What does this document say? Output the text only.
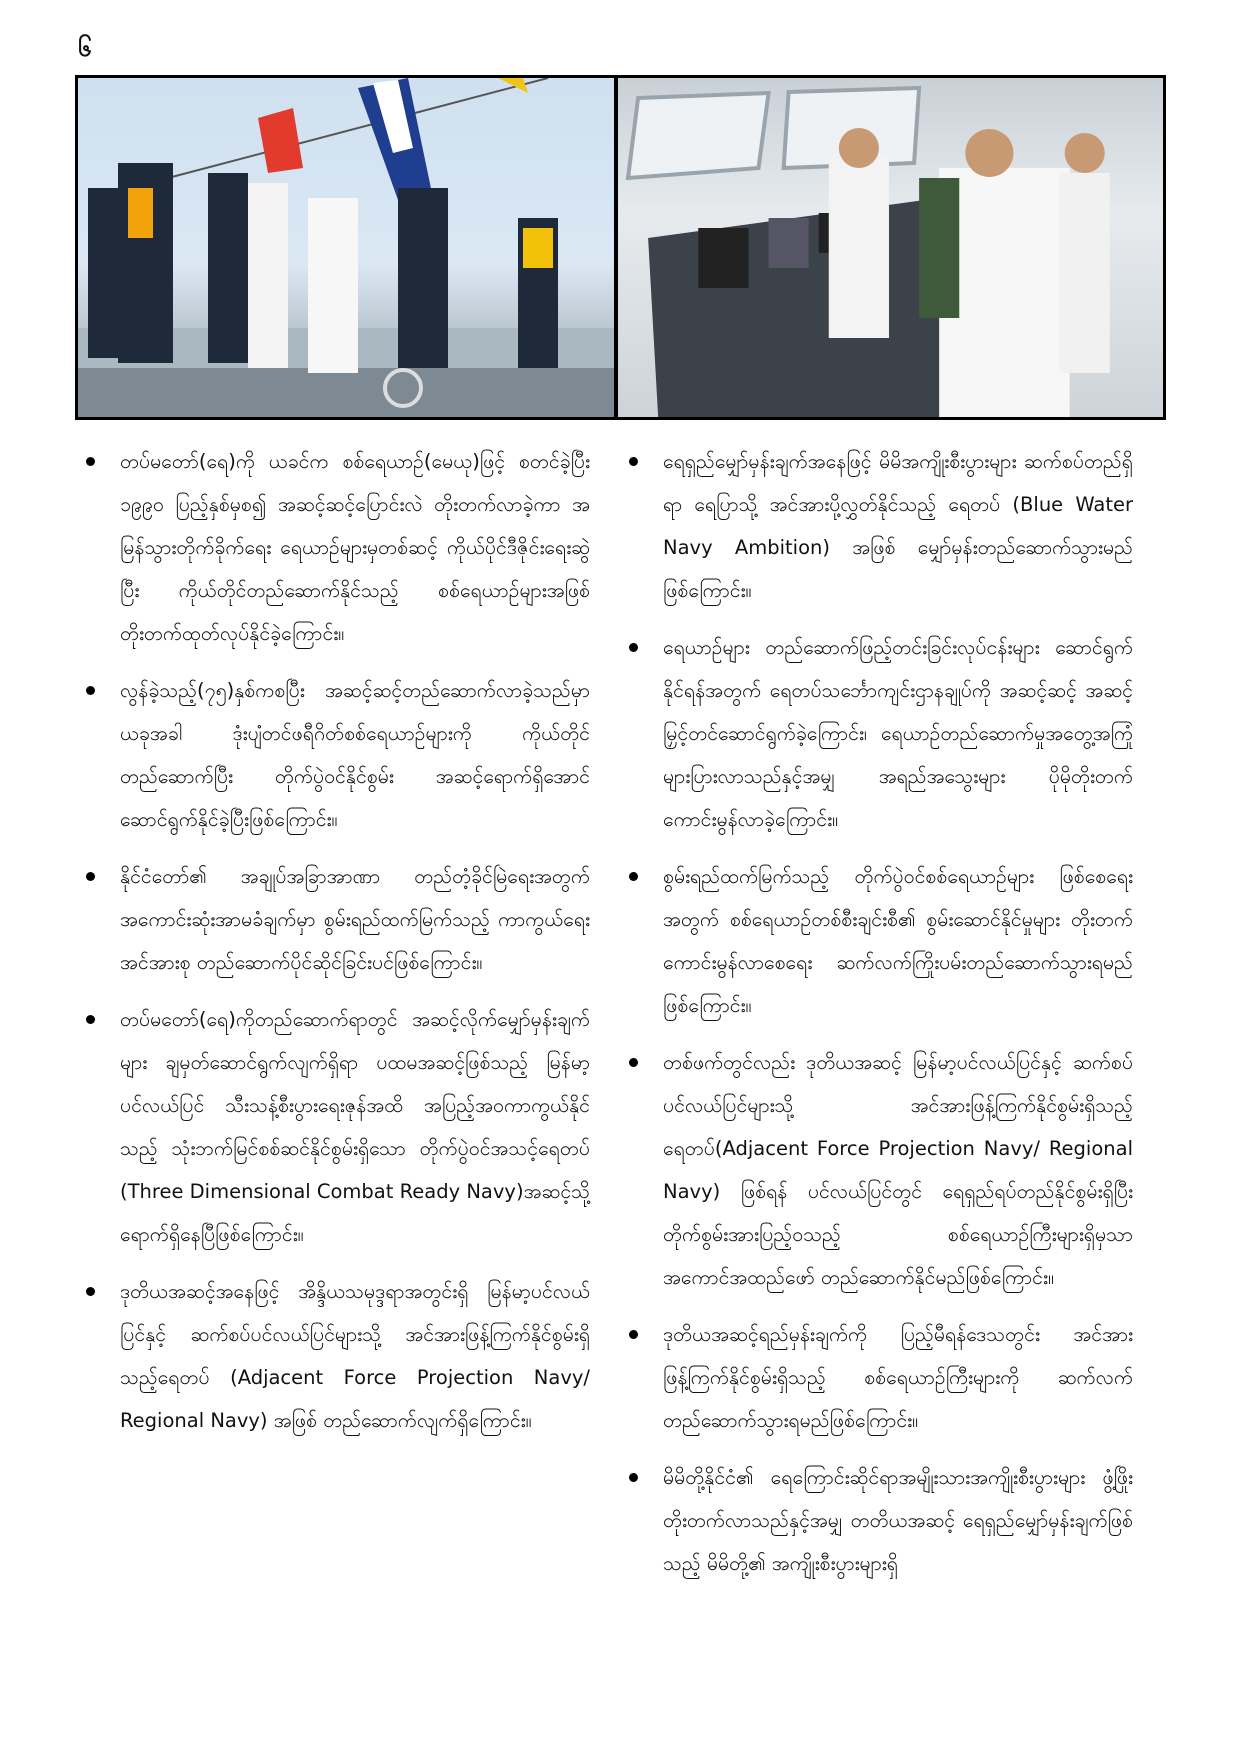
၆

တပ်မတော်(ရေ)ကို ယခင်က စစ်ရေယာဉ်(မေယု)ဖြင့် စတင်ခဲ့ပြီး ၁၉၉၀ ပြည့်နှစ်မှစ၍ အဆင့်ဆင့်ပြောင်းလဲ တိုးတက်လာခဲ့ကာ အမြန်သွားတိုက်ခိုက်ရေး ရေယာဉ်များမှတစ်ဆင့် ကိုယ်ပိုင်ဒီဇိုင်းရေးဆွဲပြီး ကိုယ်တိုင်တည်ဆောက်နိုင်သည့် စစ်ရေယာဉ်များအဖြစ် တိုးတက်ထုတ်လုပ်နိုင်ခဲ့ကြောင်း။

လွန်ခဲ့သည့်(၇၅)နှစ်ကစပြီး အဆင့်ဆင့်တည်ဆောက်လာခဲ့သည်မှာ ယခုအခါ ဒုံးပျံတင်ဖရီဂိတ်စစ်ရေယာဉ်များကို ကိုယ်တိုင်တည်ဆောက်ပြီး တိုက်ပွဲဝင်နိုင်စွမ်း အဆင့်ရောက်ရှိအောင် ဆောင်ရွက်နိုင်ခဲ့ပြီးဖြစ်ကြောင်း။

နိုင်ငံတော်၏ အချုပ်အခြာအာဏာ တည်တံ့ခိုင်မြဲရေးအတွက် အကောင်းဆုံးအာမခံချက်မှာ စွမ်းရည်ထက်မြက်သည့် ကာကွယ်ရေးအင်အားစု တည်ဆောက်ပိုင်ဆိုင်ခြင်းပင်ဖြစ်ကြောင်း။

တပ်မတော်(ရေ)ကိုတည်ဆောက်ရာတွင် အဆင့်လိုက်မျှော်မှန်းချက်များ ချမှတ်ဆောင်ရွက်လျက်ရှိရာ ပထမအဆင့်ဖြစ်သည့် မြန်မာ့ပင်လယ်ပြင် သီးသန့်စီးပွားရေးဇုန်အထိ အပြည့်အဝကာကွယ်နိုင်သည့် သုံးဘက်မြင်စစ်ဆင်နိုင်စွမ်းရှိသော တိုက်ပွဲဝင်အသင့်ရေတပ် (Three Dimensional Combat Ready Navy)အဆင့်သို့ ရောက်ရှိနေပြီဖြစ်ကြောင်း။

ဒုတိယအဆင့်အနေဖြင့် အိန္ဒိယသမုဒ္ဒရာအတွင်းရှိ မြန်မာ့ပင်လယ်ပြင်နှင့် ဆက်စပ်ပင်လယ်ပြင်များသို့ အင်အားဖြန့်ကြက်နိုင်စွမ်းရှိသည့်ရေတပ် (Adjacent Force Projection Navy/ Regional Navy) အဖြစ် တည်ဆောက်လျက်ရှိကြောင်း။

ရေရှည်မျှော်မှန်းချက်အနေဖြင့် မိမိအကျိုးစီးပွားများ ဆက်စပ်တည်ရှိရာ ရေပြာသို့ အင်အားပို့လွှတ်နိုင်သည့် ရေတပ် (Blue Water Navy Ambition) အဖြစ် မျှော်မှန်းတည်ဆောက်သွားမည်ဖြစ်ကြောင်း။

ရေယာဉ်များ တည်ဆောက်ဖြည့်တင်းခြင်းလုပ်ငန်းများ ဆောင်ရွက်နိုင်ရန်အတွက် ရေတပ်သင်္ဘောကျင်းဌာနချုပ်ကို အဆင့်ဆင့် အဆင့်မြှင့်တင်ဆောင်ရွက်ခဲ့ကြောင်း၊ ရေယာဉ်တည်ဆောက်မှုအတွေ့အကြုံ များပြားလာသည်နှင့်အမျှ အရည်အသွေးများ ပိုမိုတိုးတက်ကောင်းမွန်လာခဲ့ကြောင်း။

စွမ်းရည်ထက်မြက်သည့် တိုက်ပွဲဝင်စစ်ရေယာဉ်များ ဖြစ်စေရေးအတွက် စစ်ရေယာဉ်တစ်စီးချင်းစီ၏ စွမ်းဆောင်နိုင်မှုများ တိုးတက်ကောင်းမွန်လာစေရေး ဆက်လက်ကြိုးပမ်းတည်ဆောက်သွားရမည်ဖြစ်ကြောင်း။

တစ်ဖက်တွင်လည်း ဒုတိယအဆင့် မြန်မာ့ပင်လယ်ပြင်နှင့် ဆက်စပ်ပင်လယ်ပြင်များသို့ အင်အားဖြန့်ကြက်နိုင်စွမ်းရှိသည့် ရေတပ်(Adjacent Force Projection Navy/ Regional Navy) ဖြစ်ရန် ပင်လယ်ပြင်တွင် ရေရှည်ရပ်တည်နိုင်စွမ်းရှိပြီး တိုက်စွမ်းအားပြည့်ဝသည့် စစ်ရေယာဉ်ကြီးများရှိမှသာ အကောင်အထည်ဖော် တည်ဆောက်နိုင်မည်ဖြစ်ကြောင်း။

ဒုတိယအဆင့်ရည်မှန်းချက်ကို ပြည့်မီရန်ဒေသတွင်း အင်အားဖြန့်ကြက်နိုင်စွမ်းရှိသည့် စစ်ရေယာဉ်ကြီးများကို ဆက်လက်တည်ဆောက်သွားရမည်ဖြစ်ကြောင်း။

မိမိတို့နိုင်ငံ၏ ရေကြောင်းဆိုင်ရာအမျိုးသားအကျိုးစီးပွားများ ဖွံ့ဖြိုးတိုးတက်လာသည်နှင့်အမျှ တတိယအဆင့် ရေရှည်မျှော်မှန်းချက်ဖြစ်သည့် မိမိတို့၏ အကျိုးစီးပွားများရှိ
